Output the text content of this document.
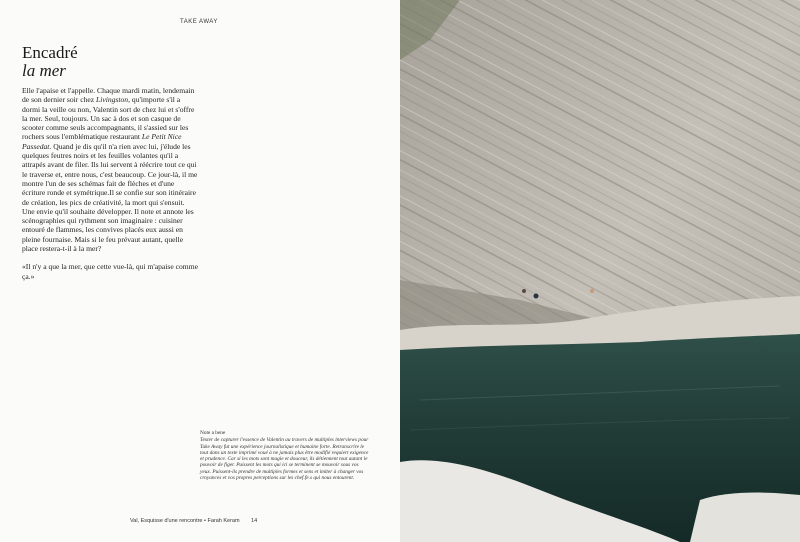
TAKE AWAY
Encadré
la mer

Elle l'apaise et l'appelle. Chaque mardi matin, lendemain de son dernier soir chez Livingston, qu'importe s'il a dormi la veille ou non, Valentin sort de chez lui et s'offre la mer. Seul, toujours. Un sac à dos et son casque de scooter comme seuls accompagnants, il s'assied sur les rochers sous l'emblématique restaurant Le Petit Nice Passedat. Quand je dis qu'il n'a rien avec lui, j'élude les quelques feutres noirs et les feuilles volantes qu'il a attrapés avant de filer. Ils lui servent à réécrire tout ce qui le traverse et, entre nous, c'est beaucoup. Ce jour-là, il me montre l'un de ses schémas fait de flèches et d'une écriture ronde et symétrique.Il se confie sur son itinéraire de création, les pics de créativité, la mort qui s'ensuit. Une envie qu'il souhaite développer. Il note et annote les scénographies qui rythment son imaginaire : cuisiner entouré de flammes, les convives placés eux aussi en pleine fournaise. Mais si le feu prévaut autant, quelle place restera-t-il à la mer?

«Il n'y a que la mer, que cette vue-là, qui m'apaise comme ça.»

Note a bene
Texter de capturer l'essence de Valentin au travers de multiples interviews pour Take Away fut une expérience journalistique et humaine forte. Retranscrire le tout dans un texte imprimé voué à ne jamais plus être modifié requiert exigence et prudence. Car si les mots sont magie et douceur, ils détiennent tout autant le pouvoir de figer. Puissent les mots qui ici se terminent se mouvoir sous vos yeux. Puissent-ils prendre de multiples formes et sens et imiter à changer vos croyances et vos propres perceptions sur les chef.fe.s qui nous entourent.
Val, Esquisse d'une rencontre • Farah Keram 14
